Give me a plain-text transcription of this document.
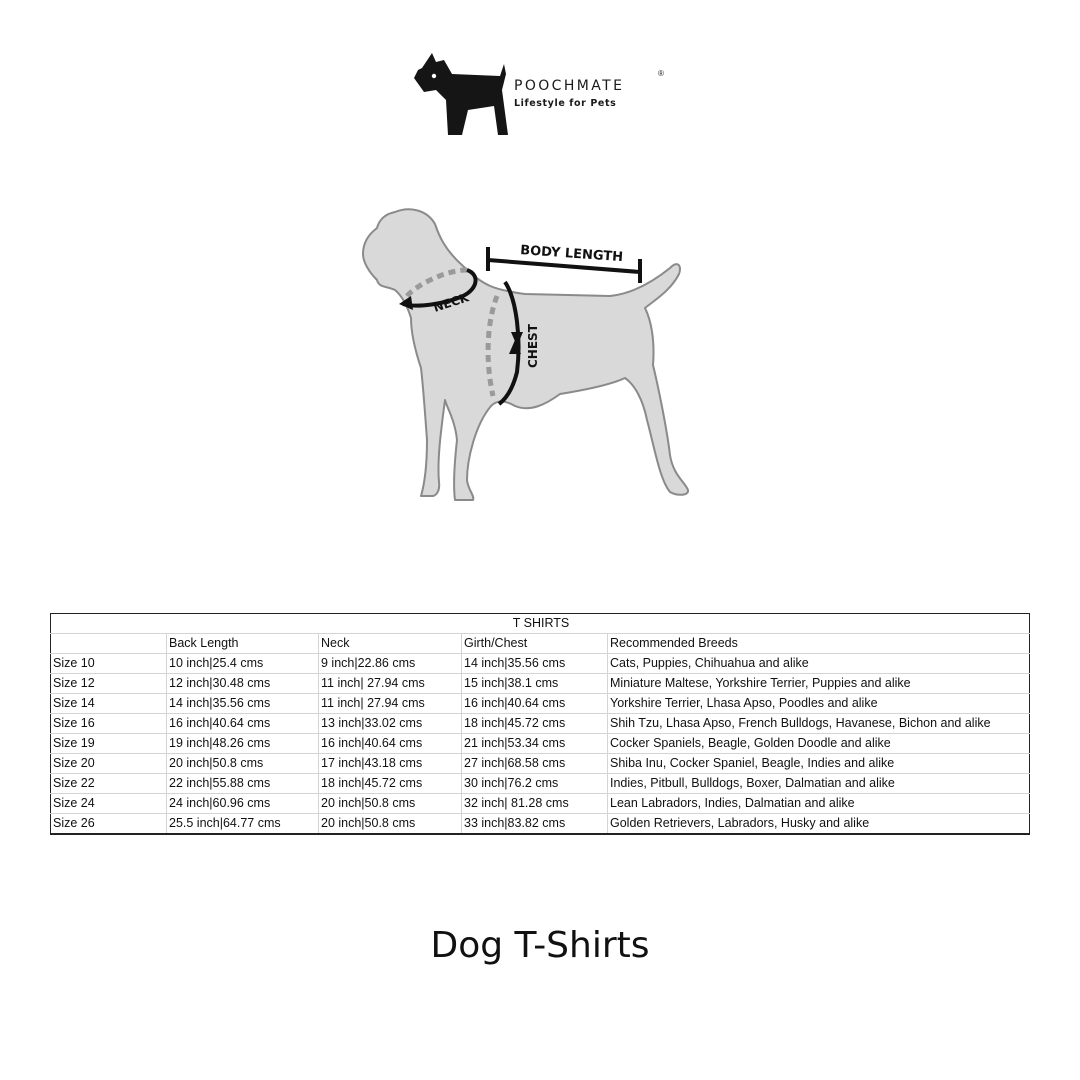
POOCHMATE
®
Lifestyle for Pets
BODY LENGTH
NECK
CHEST
T SHIRTS				
	Back Length	Neck	Girth/Chest	Recommended Breeds
Size 10	10 inch|25.4 cms	9 inch|22.86 cms	14 inch|35.56 cms	Cats, Puppies, Chihuahua and alike
Size 12	12 inch|30.48 cms	11 inch| 27.94 cms	15 inch|38.1 cms	Miniature Maltese, Yorkshire Terrier, Puppies and alike
Size 14	14 inch|35.56 cms	11 inch| 27.94 cms	16 inch|40.64 cms	Yorkshire Terrier, Lhasa Apso, Poodles and alike
Size 16	16 inch|40.64 cms	13 inch|33.02 cms	18 inch|45.72 cms	Shih Tzu, Lhasa Apso, French Bulldogs, Havanese, Bichon and alike
Size 19	19 inch|48.26 cms	16 inch|40.64 cms	21 inch|53.34 cms	Cocker Spaniels, Beagle, Golden Doodle and alike
Size 20	20 inch|50.8 cms	17 inch|43.18 cms	27 inch|68.58 cms	Shiba Inu, Cocker Spaniel, Beagle, Indies and alike
Size 22	22 inch|55.88 cms	18 inch|45.72 cms	30 inch|76.2 cms	Indies, Pitbull, Bulldogs, Boxer, Dalmatian and alike
Size 24	24 inch|60.96 cms	20 inch|50.8 cms	32 inch| 81.28 cms	Lean Labradors, Indies, Dalmatian and alike
Size 26	25.5 inch|64.77 cms	20 inch|50.8 cms	33 inch|83.82 cms	Golden Retrievers, Labradors, Husky and alike
Dog T-Shirts
